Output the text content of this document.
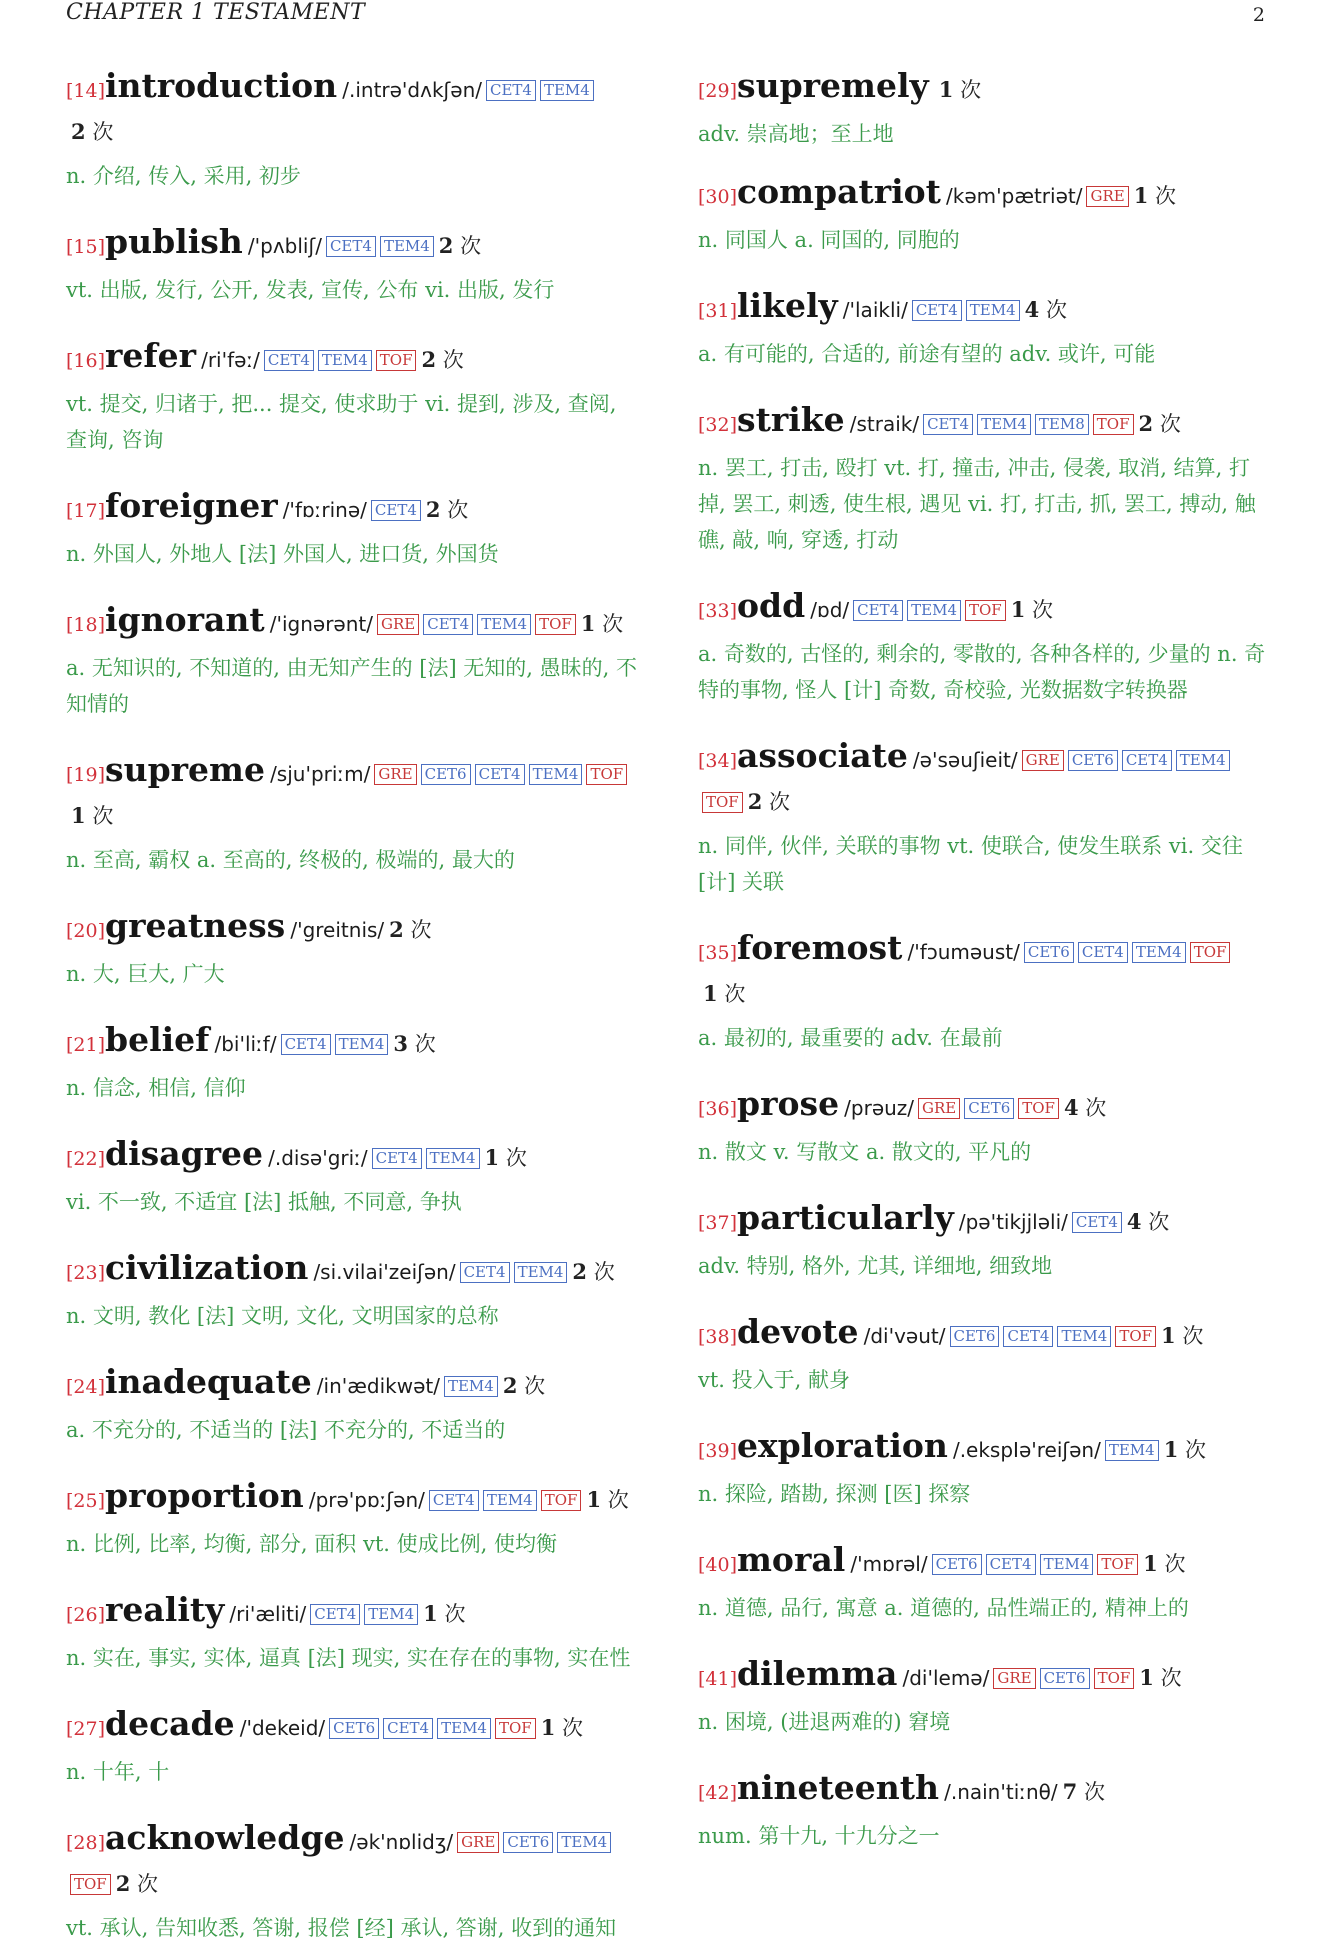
CHAPTER 1 TESTAMENT	2
[14]introduction /.intrə'dʌkʃən/ CET4 TEM42 次
n. 介绍, 传入, 采用, 初步
[15]publish /'pʌbliʃ/ CET4 TEM4 2 次
vt. 出版, 发行, 公开, 发表, 宣传, 公布 vi. 出版, 发行
[16]refer /ri'fəː/ CET4 TEM4 TOF 2 次
vt. 提交, 归诸于, 把... 提交, 使求助于 vi. 提到, 涉及, 查阅, 查询, 咨询
[17]foreigner /'fɒːrinə/ CET4 2 次
n. 外国人, 外地人 [法] 外国人, 进口货, 外国货
[18]ignorant /'ignərənt/ GRE CET4 TEM4 TOF 1 次
a. 无知识的, 不知道的, 由无知产生的 [法] 无知的, 愚昧的, 不知情的
[19]supreme /sju'priːm/ GRE CET6 CET4 TEM4 TOF1 次
n. 至高, 霸权 a. 至高的, 终极的, 极端的, 最大的
[20]greatness /'greitnis/ 2 次
n. 大, 巨大, 广大
[21]belief /bi'liːf/ CET4 TEM4 3 次
n. 信念, 相信, 信仰
[22]disagree /.disə'griː/ CET4 TEM4 1 次
vi. 不一致, 不适宜 [法] 抵触, 不同意, 争执
[23]civilization /si.vilai'zeiʃən/ CET4 TEM4 2 次
n. 文明, 教化 [法] 文明, 文化, 文明国家的总称
[24]inadequate /in'ædikwət/ TEM4 2 次
a. 不充分的, 不适当的 [法] 不充分的, 不适当的
[25]proportion /prə'pɒːʃən/ CET4 TEM4 TOF 1 次
n. 比例, 比率, 均衡, 部分, 面积 vt. 使成比例, 使均衡
[26]reality /ri'æliti/ CET4 TEM4 1 次
n. 实在, 事实, 实体, 逼真 [法] 现实, 实在存在的事物, 实在性
[27]decade /'dekeid/ CET6 CET4 TEM4 TOF 1 次
n. 十年, 十
[28]acknowledge /ək'nɒlidʒ/ GRE CET6 TEM4TOF 2 次
vt. 承认, 告知收悉, 答谢, 报偿 [经] 承认, 答谢, 收到的通知
[29]supremely 1 次
adv. 崇高地；至上地
[30]compatriot /kəm'pætriət/ GRE 1 次
n. 同国人 a. 同国的, 同胞的
[31]likely /'laikli/ CET4 TEM4 4 次
a. 有可能的, 合适的, 前途有望的 adv. 或许, 可能
[32]strike /straik/ CET4 TEM4 TEM8 TOF 2 次
n. 罢工, 打击, 殴打 vt. 打, 撞击, 冲击, 侵袭, 取消, 结算, 打掉, 罢工, 刺透, 使生根, 遇见 vi. 打, 打击, 抓, 罢工, 搏动, 触礁, 敲, 响, 穿透, 打动
[33]odd /ɒd/ CET4 TEM4 TOF 1 次
a. 奇数的, 古怪的, 剩余的, 零散的, 各种各样的, 少量的 n. 奇特的事物, 怪人 [计] 奇数, 奇校验, 光数据数字转换器
[34]associate /ə'səuʃieit/ GRE CET6 CET4 TEM4TOF 2 次
n. 同伴, 伙伴, 关联的事物 vt. 使联合, 使发生联系 vi. 交往 [计] 关联
[35]foremost /'fɔuməust/ CET6 CET4 TEM4 TOF1 次
a. 最初的, 最重要的 adv. 在最前
[36]prose /prəuz/ GRE CET6 TOF 4 次
n. 散文 v. 写散文 a. 散文的, 平凡的
[37]particularly /pə'tikjjləli/ CET4 4 次
adv. 特别, 格外, 尤其, 详细地, 细致地
[38]devote /di'vəut/ CET6 CET4 TEM4 TOF 1 次
vt. 投入于, 献身
[39]exploration /.ekspIə'reiʃən/ TEM4 1 次
n. 探险, 踏勘, 探测 [医] 探察
[40]moral /'mɒrəl/ CET6 CET4 TEM4 TOF 1 次
n. 道德, 品行, 寓意 a. 道德的, 品性端正的, 精神上的
[41]dilemma /di'lemə/ GRE CET6 TOF 1 次
n. 困境, (进退两难的) 窘境
[42]nineteenth /.nain'tiːnθ/ 7 次
num. 第十九, 十九分之一
